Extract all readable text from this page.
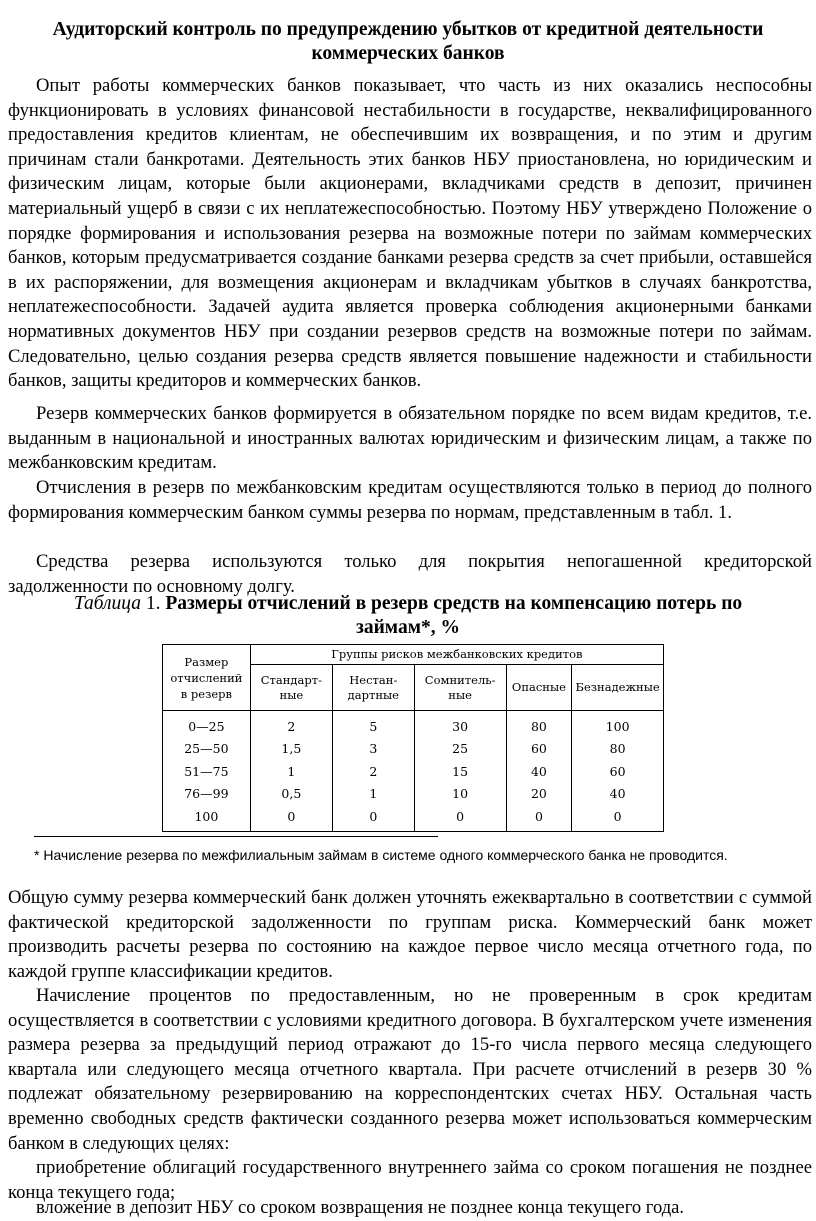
Аудиторский контроль по предупреждению убытков от кредитной деятельности коммерческих банков

Опыт работы коммерческих банков показывает, что часть из них оказались неспособны функционировать в условиях финансовой нестабильности в государстве, неквалифицированного предоставления кредитов клиентам, не обеспечившим их возвращения, и по этим и другим причинам стали банкротами. Деятельность этих банков НБУ приостановлена, но юридическим и физическим лицам, которые были акционерами, вкладчиками средств в депозит, причинен материальный ущерб в связи с их неплатежеспособностью. Поэтому НБУ утверждено Положение о порядке формирования и использования резерва на возможные потери по займам коммерческих банков, которым предусматривается создание банками резерва средств за счет прибыли, оставшейся в их распоряжении, для возмещения акционерам и вкладчикам убытков в случаях банкротства, неплатежеспособности. Задачей аудита является проверка соблюдения акционерными банками нормативных документов НБУ при создании резервов средств на возможные потери по займам. Следовательно, целью создания резерва средств является повышение надежности и стабильности банков, защиты кредиторов и коммерческих банков.

Резерв коммерческих банков формируется в обязательном порядке по всем видам кредитов, т.е. выданным в национальной и иностранных валютах юридическим и физическим лицам, а также по межбанковским кредитам.

Отчисления в резерв по межбанковским кредитам осуществляются только в период до полного формирования коммерческим банком суммы резерва по нормам, представленным в табл. 1.

Средства резерва используются только для покрытия непогашенной кредиторской задолженности по основному долгу.

Таблица 1. Размеры отчислений в резерв средств на компенсацию потерь по займам*, %
Размер отчислений в резерв	Группы рисков межбанковских кредитов				
	Стандарт-ные	Нестан-дартные	Сомнитель-ные	Опасные	Безнадежные
0—25	2	5	30	80	100
25—50	1,5	3	25	60	80
51—75	1	2	15	40	60
76—99	0,5	1	10	20	40
100	0	0	0	0	0
* Начисление резерва по межфилиальным займам в системе одного коммерческого банка не проводится.

Общую сумму резерва коммерческий банк должен уточнять ежеквартально в соответствии с суммой фактической кредиторской задолженности по группам риска. Коммерческий банк может производить расчеты резерва по состоянию на каждое первое число месяца отчетного года, по каждой группе классификации кредитов.

Начисление процентов по предоставленным, но не проверенным в срок кредитам осуществляется в соответствии с условиями кредитного договора. В бухгалтерском учете изменения размера резерва за предыдущий период отражают до 15-го числа первого месяца следующего квартала или следующего месяца отчетного квартала. При расчете отчислений в резерв 30 % подлежат обязательному резервированию на корреспондентских счетах НБУ. Остальная часть временно свободных средств фактически созданного резерва может использоваться коммерческим банком в следующих целях:

приобретение облигаций государственного внутреннего займа со сроком погашения не позднее конца текущего года;

вложение в депозит НБУ со сроком возвращения не позднее конца текущего года.
